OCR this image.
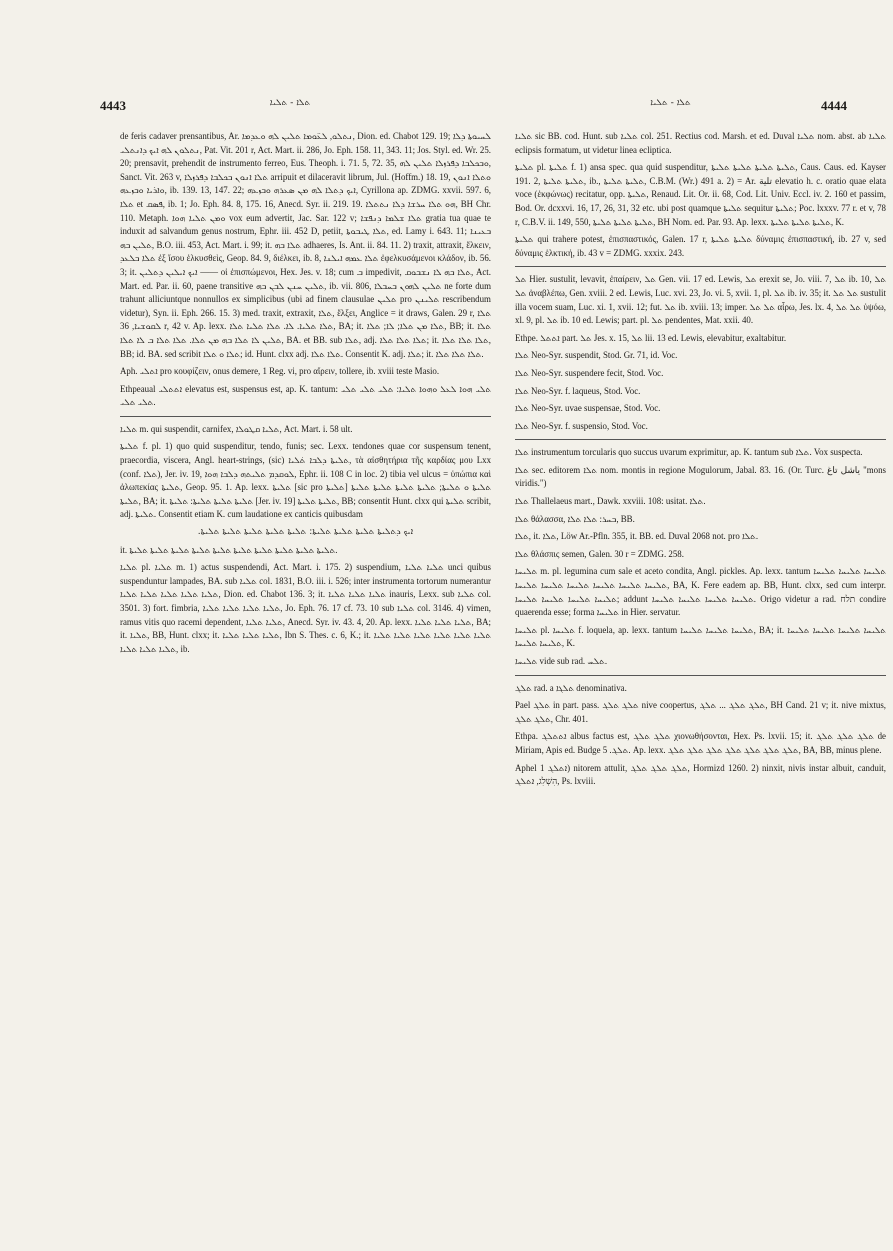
4443	ܬܠܐ - ܬܠܝܐ	ܬܠܐ - ܬܠܝܐ	4444

de feris cadaver prensantibus, Ar. ܢܬܠܘ, ܠܥ̈ܘܡܐ ܬܠܝܢ ܠܗ ܘܥܕܡܐ, Dion. ed. Chabot 129. 19; ܠܚܝܘܬܐ ܕܠܐ ܢܬܠܘܢ ܠܗ ܐܝܟ ܕܐܢܬܠܝ, Pat. Vit. 201 r, Act. Mart. ii. 286, Jo. Eph. 158. 11, 343. 11; Jos. Styl. ed. Wr. 25. 20; prensavit, prehendit de instrumento ferreo, Eus. Theoph. i. 71. 5, 72. 35, ܘܒܟܠܒܐ ܕܦܪܙܠܐ ܬܠܝܢ ܠܗ, Sanct. Vit. 263 v, ܬܠܐ ܐܢܘܢ ܒܟܠܒܐ ܕܦܪܙܠܐ arripuit et dilaceravit librum, Jul. (Hoffm.) 18. 19, ܘܬܠܐ ܐܢܘܢ ܘܐܪܝܐ ܘܒܙܥܗ, ib. 139. 13, 147. 22; ܐܝܟ ܕܬܠܐ ܠܗ ܡܢ ܣܥܪܗ ܘܒܙܥܗ, Cyrillona ap. ZDMG. xxvii. 597. 6, ܬܠܐ et ܦܣܩ, ib. 1; Jo. Eph. 84. 8, 175. 16, Anecd. Syr. ii. 219. 19. ܗܘ ܬܠܐ ܚܪܫܐ ܕܠܐ ܢܬܬܠܐ, BH Chr. 110. Metaph. ܘܡܢ ܬܠܝܐ ܗܘܐ vox eum advertit, Jac. Sar. 122 v; ܬܠܐ ܫܠܡܐ ܕܢܦܫܐ gratia tua quae te induxit ad salvandum genus nostrum, Ephr. iii. 452 D, petiit, ܬܠܐ ܛܝܒܘܬܐ, ed. Lamy i. 643. 11; ܒܥܝܢܐ ܬܠܝܢ ܒܗ, B.O. iii. 453, Act. Mart. i. 99; it. ܬܠܐ ܒܗ adhaeres, Is. Ant. ii. 84. 11. 2) traxit, attraxit, ἕλκειν, ܬܠܐ ܒܠܥܕ ἐξ ἴσου ἑλκυσθεὶς, Geop. 84. 9, διέλκει, ib. 8, ܬܠܐ ܥܡܗ ܐܝܠܢܐ ἐφελκυσάμενοι κλάδον, ib. 56. 3; it. ܐܝܟ ܐܝܠܝܢ ܕܬܠܝܢ —— οἱ ἐπισπώμενοι, Hex. Jes. v. 18; cum ܒ impedivit, ܬܠܐ ܒܗ ܠܐ ܢܫܒܘܩ, Act. Mart. ed. Par. ii. 60, paene transitive ܬܠܝܢ ܚܢܢ ܠܒܢ ܒܗ, ib. vii. 806, ܬܠܝܢ ܠܗܘܢ ܒܚܒܠܐ ne forte dum trahunt alliciuntque nonnullos ex simplicibus (ubi ad finem clausulae ܬܠܝܢ pro ܬܠܝܢܢ rescribendum videtur), Syn. ii. Eph. 266. 15. 3) med. traxit, extraxit, ܬܠܐ, ἔλξει, Anglice = it draws, Galen. 29 r, ܬܠܐ ܠܩܘܫܝܐ, 36 r, 42 v. Ap. lexx. ܬܠܐ ܬܠܝܐ. ܠܐ. ܬܠܐ ܬܠܝܐ ܬܠܐ, BA; it. ܬܠܐ ܡܢ ܬܠܐ; ܠܐ; ܬܠܐ, BB; it. ܬܠܐ ܬܠܝܢ ܠܐ ܬܠܐ ܒܗ ܡܢ ܬܠܐ. ܬܠܐ ܬܠܐ ܒ ܠܐ ܬܠܐ, BA. et BB. sub ܬܠܐ, adj. ܬܠܐ ܬܠܐ ܬܠܐ; it. ܬܠܐ ܬܠܐ ܬܠܐ, BB; id. BA. sed scribit ܬܠܐ ܘ ܬܠܐ; id. Hunt. clxx adj. ܬܠܐ ܬܠܐ. Consentit K. adj. ܬܠܐ; it. ܬܠܐ ܬܠܐ ܬܠܐ.

Aph. ܐܬܠܝ pro κουφίζειν, onus demere, 1 Reg. vi, pro αἴρειν, tollere, ib. xviii teste Masio.

Ethpeaual ܐܬܬܠܝ elevatus est, suspensus est, ap. K. tantum: ܬܠܝ ܗܘܐ ܠܥܠ ܘܗܘܐ ܬܠܝܐ: ܬܠܝ ܬܠܝ ܬܠܝ ܬܠܝ ܬܠܝ.

ܬܠܝܐ m. qui suspendit, carnifex, ܬܠܝܐ ܩܛܘܠܐ, Act. Mart. i. 58 ult.

ܬܠܝܬܐ f. pl. 1) quo quid suspenditur, tendo, funis; sec. Lexx. tendones quae cor suspensum tenent, praecordia, viscera, Angl. heart-strings, (sic) ܬܠܝܬܐ ܕܠܒܐ ܬ̇ܠܝܐ, τὰ αἰσθητήρια τῆς καρδίας μου Lxx (conf. ܬܠܐ), Jer. iv. 19, ܠܘܩܕܡ ܬܠܝܬܗ ܕܠܒܐ ܗܘܐ, Ephr. ii. 108 C in loc. 2) tibia vel ulcus = ὑπώπια καὶ ἀλωπεκίας ܬܠܝܬܐ, Geop. 95. 1. Ap. lexx. ܬܠܝܬܐ [sic pro ܬܠܝܬܐ] ܬܠܝܬܐ ܘ ܬܠܝܬܐ; ܬܠܝܬܐ ܬܠܝܬܐ ܬܠܝܬܐ ܬܠܝܬܐ ܬܠܝܬܐ, BA; it. ܬܠܝܬܐ ܬܠܝܬܐ ܬܠܝܬܐ: ܬܠܝܬܐ [Jer. iv. 19] ܬܠܝܬܐ ܬܠܝܬܐ, BB; consentit Hunt. clxx qui ܬܠܝܬܐ scribit, adj. ܬܠܝܬܐ. Consentit etiam K. cum laudatione ex canticis quibusdam

ܐܝܟ ܕܬܠܝܬܐ ܬܠܝܬܐ ܬܠܝܬܐ ܬܠܝܬܐ: ܬܠܝܬܐ ܬܠܝܬܐ ܬܠܝܬܐ ܬܠܝܬܐ ܬܠܝܬܐ.

it. ܬܠܝܬܐ ܬܠܝܬܐ ܬܠܝܬܐ ܬܠܝܬܐ ܬܠܝܬܐ ܬܠܝܬܐ ܬܠܝܬܐ ܬܠܝܬܐ ܬܠܝܬܐ ܬܠܝܬܐ.

ܬܠܝܐ pl. ܬܠܝܐ m. 1) actus suspendendi, Act. Mart. i. 175. 2) suspendium, ܬܠܝܐ ܬܠܝܐ unci quibus suspenduntur lampades, BA. sub ܬܠܝܐ col. 1831, B.O. iii. i. 526; inter instrumenta tortorum numerantur ܬܠܝܐ ܬܠܝܐ ܬܠܝܐ ܬܠܝܐ ܬܠܝܐ, Dion. ed. Chabot 136. 3; it. ܬܠܝܐ ܬܠܝܐ ܬܠܝܐ inauris, Lexx. sub ܬܠܝܐ col. 3501. 3) fort. fimbria, ܬܠܝܐ ܬܠܝܐ ܬܠܝܐ ܬܠܝܐ, Jo. Eph. 76. 17 cf. 73. 10 sub ܬܠܝܐ col. 3146. 4) vimen, ramus vitis quo racemi dependent, ܬܠܝܐ ܬܠܝܐ, Anecd. Syr. iv. 43. 4, 20. Ap. lexx. ܬܠܝܐ ܬܠܝܐ ܬܠܝܐ, BA; it. ܬܠܝܐ, BB, Hunt. clxx; it. ܬܠܝܐ ܬܠܝܐ ܬܠܝܐ, Ibn S. Thes. c. 6, K.; it. ܬܠܝܐ ܬܠܝܐ ܬܠܝܐ ܬܠܝܐ ܬܠܝܐ ܬܠܝܐ ܬܠܝܐ ܬܠܝܐ ܬܠܝܐ, ib.

ܬܠܝܐ sic BB. cod. Hunt. sub ܬܠܝܐ col. 251. Rectius cod. Marsh. et ed. Duval ܬܠܝܐ nom. abst. ab ܬܠܝܐ eclipsis formatum, ut videtur linea ecliptica.

ܬܠܝܬܐ pl. ܬܠܝܬܐ f. 1) ansa spec. qua quid suspenditur, ܬܠܝܬܐ ܬܠܝܬܐ ܬܠܝܬܐ ܬܠܝܬܐ, Caus. Caus. ed. Kayser 191. 2, ܬܠܝܬܐ ܬܠܝܬܐ, ib., ܬܠܝܬܐ ܬܠܝܬܐ, C.B.M. (Wr.) 491 a. 2) = Ar. تلية elevatio h. c. oratio quae elata voce (ἐκφώνως) recitatur, opp. ܬܠܝܬܐ, Renaud. Lit. Or. ii. 68, Cod. Lit. Univ. Eccl. iv. 2. 160 et passim, Bod. Or. dcxxvi. 16, 17, 26, 31, 32 etc. ubi post quamque ܬܠܝܬܐ sequitur ܬܠܝܬܐ; Poc. lxxxv. 77 r. et v, 78 r, C.B.V. ii. 149, 550, ܬܠܝܬܐ ܬܠܝܬܐ ܬܠܝܬܐ, BH Nom. ed. Par. 93. Ap. lexx. ܬܠܝܬܐ ܬܠܝܬܐ ܬܠܝܬܐ, K.

ܬܠܝܬܐ qui trahere potest, ἐπισπαστικός, Galen. 17 r, ܬܠܝܬܐ ܬܠܝܬܐ δύναμις ἐπισπαστική, ib. 27 v, sed δύναμις ἑλκτική, ib. 43 v = ZDMG. xxxix. 243.

ܬܠ Hier. sustulit, levavit, ἐπαίρειν, ܬܠ Gen. vii. 17 ed. Lewis, ܬܠ erexit se, Jo. viii. 7, ܬܠ ib. 10, ܬܠ ܬܠ ἀναβλέπω, Gen. xviii. 2 ed. Lewis, Luc. xvi. 23, Jo. vi. 5, xvii. 1, pl. ܬܠ ib. iv. 35; it. ܬܠ ܬܠ sustulit illa vocem suam, Luc. xi. 1, xvii. 12; fut. ܬܠ ib. xviii. 13; imper. ܬܠ ܬܠ αἶρω, Jes. lx. 4, ܬܠ ܬܠ ὑψόω, xl. 9, pl. ܬܠ ib. 10 ed. Lewis; part. pl. ܬܠ pendentes, Mat. xxii. 40.

Ethpe. ܐܬܬܠ part. ܬܠ Jes. x. 15, ܬܠ lii. 13 ed. Lewis, elevabitur, exaltabitur.

ܬܠܐ Neo-Syr. suspendit, Stod. Gr. 71, id. Voc.

ܬܠܐ Neo-Syr. suspendere fecit, Stod. Voc.

ܬܠܐ Neo-Syr. f. laqueus, Stod. Voc.

ܬܠܐ Neo-Syr. uvae suspensae, Stod. Voc.

ܬܠܐ Neo-Syr. f. suspensio, Stod. Voc.

ܬܠܐ instrumentum torcularis quo succus uvarum exprimitur, ap. K. tantum sub ܬܠܐ. Vox suspecta.

ܬܠܐ sec. editorem ܬܠܐ nom. montis in regione Mogulorum, Jabal. 83. 16. (Or. Turc. ياشل تاغ "mons viridis.")

ܬܠܐ Thallelaeus mart., Dawk. xxviii. 108: usitat. ܬܠܐ.

ܬܠܐ θάλασσα, ܒܚܪ: ܬܠܐ ܬܠܐ, BB.

ܬܠܐ, it. ܬܠܐ, Löw Ar.-Pfln. 355, it. BB. ed. Duval 2068 not. pro ܬܠܐ.

ܬܠܐ θλάσπις semen, Galen. 30 r = ZDMG. 258.

ܬܠܝܚܐ m. pl. legumina cum sale et aceto condita, Angl. pickles. Ap. lexx. tantum ܬܠܝܚܐ ܬܠܝܚܐ ܬܠܝܚܐ ܬܠܝܚܐ ܬܠܝܚܐ ܬܠܝܚܐ ܬܠܝܚܐ ܬܠܝܚܐ ܬܠܝܚܐ, BA, K. Fere eadem ap. BB, Hunt. clxx, sed cum interpr. ܬܠܝܚܐ ܬܠܝܚܐ ܬܠܝܚܐ ܬܠܝܚܐ; addunt ܬܠܝܚܐ ܬܠܝܚܐ ܬܠܝܚܐ ܬܠܝܚܐ. Origo videtur a rad. תלח condire quaerenda esse; forma ܬܠܝܚܐ in Hier. servatur.

ܬܠܝܚܐ pl. ܬܠܝܚܐ f. loquela, ap. lexx. tantum ܬܠܝܚܐ ܬܠܝܚܐ ܬܠܝܚܐ, BA; it. ܬܠܝܚܐ ܬܠܝܚܐ ܬܠܝܚܐ ܬܠܝܚܐ ܬܠܝܚܐ ܬܠܝܚܐ, K.

ܬܠܝܚܐ vide sub rad. ܬܠܚ.

ܬܠܓ rad. a ܬܠܓܐ denominativa.

Pael ܬܠܓ in part. pass. ܬܠܓ ܬܠܓ nive coopertus, ܬܠܓ ܬܠܓ ... ܬܠܓ, BH Cand. 21 v; it. nive mixtus, ܬܠܓ ܬܠܓ, Chr. 401.

Ethpa. ܐܬܬܠܓ albus factus est, ܬܠܓ ܬܠܓ χιονωθήσονται, Hex. Ps. lxvii. 15; it. ܬܠܓ ܬܠܓ ܬܠܓ de Miriam, Apis ed. Budge ܬܠܓ. 5. Ap. lexx. ܬܠܓ ܬܠܓ ܬܠܓ ܬܠܓ ܬܠܓ ܬܠܓ ܬܠܓ, BA, BB, minus plene.

Aphel ܐܬܠܓ 1) nitorem attulit, ܬܠܓ ܬܠܓ ܬܠܓ, Hormizd 1260. 2) ninxit, nivis instar albuit, canduit, הִשְׁלִג, ܐܬܠܓ, Ps. lxviii.
